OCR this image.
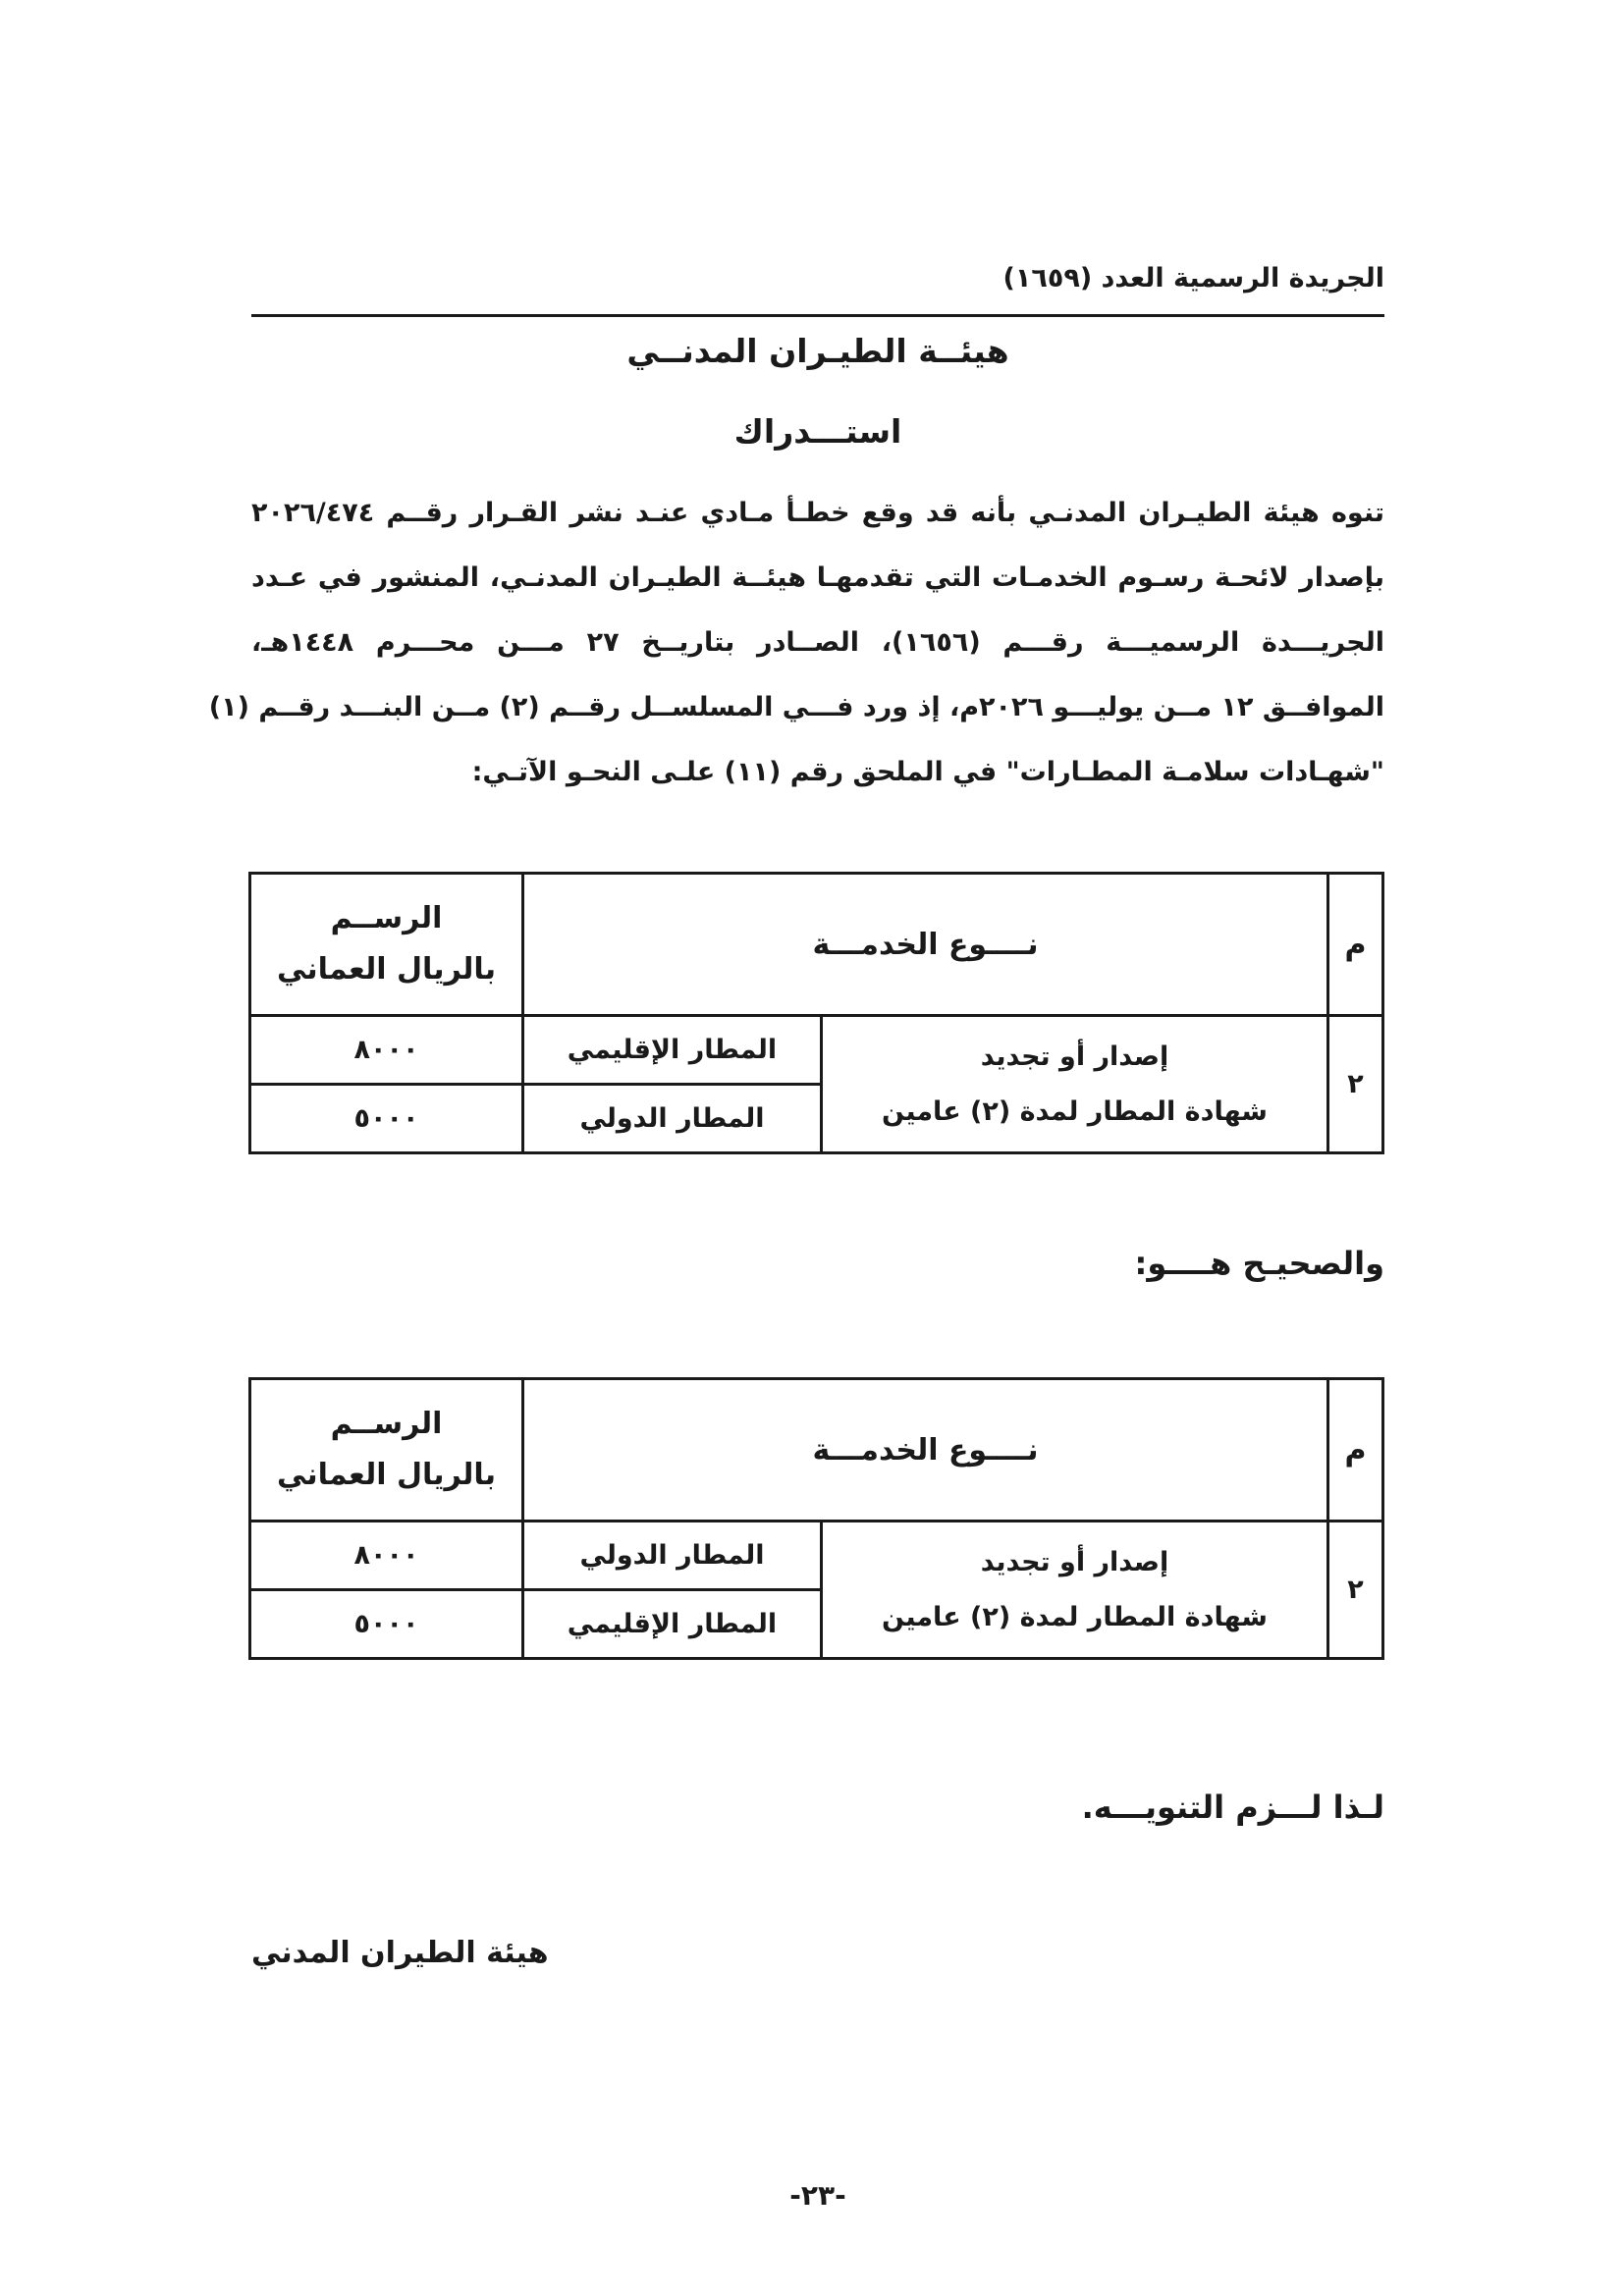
الجريدة الرسمية العدد (١٦٥٩)
هيئــة الطيـران المدنــي
استـــدراك
تنوه هيئة الطيـران المدنـي بأنه قد وقع خطـأ مـادي عنـد نشر القـرار رقــم ٢٠٢٦/٤٧٤
بإصدار لائحـة رسـوم الخدمـات التي تقدمهـا هيئــة الطيـران المدنـي، المنشور في عـدد
الجريـــدة الرسميـــة رقـــم (١٦٥٦)، الصــادر بتاريــخ ٢٧ مـــن محـــرم ١٤٤٨هـ،
الموافــق ١٢ مــن يوليـــو ٢٠٢٦م، إذ ورد فـــي المسلســل رقــم (٢) مــن البنـــد رقــم (١)
"شهـادات سلامـة المطـارات" في الملحق رقم (١١) علـى النحـو الآتـي:
م	نــــوع الخدمـــة		الرســم
بالريال العماني

٢	إصدار أو تجديد
شهادة المطار لمدة (٢) عامين	المطار الإقليمي	٨٠٠٠
		المطار الدولي	٥٠٠٠
والصحيـح هــــو:
م	نــــوع الخدمـــة		الرســم
بالريال العماني

٢	إصدار أو تجديد
شهادة المطار لمدة (٢) عامين	المطار الدولي	٨٠٠٠
		المطار الإقليمي	٥٠٠٠
لـذا لـــزم التنويـــه.
هيئة الطيران المدني
-٢٣-
